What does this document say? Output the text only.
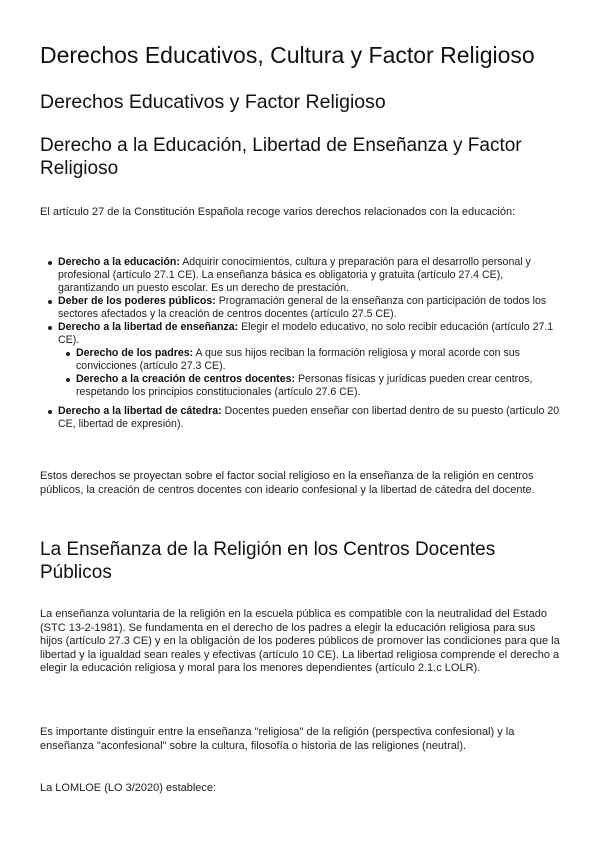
Derechos Educativos, Cultura y Factor Religioso
Derechos Educativos y Factor Religioso
Derecho a la Educación, Libertad de Enseñanza y Factor Religioso

El artículo 27 de la Constitución Española recoge varios derechos relacionados con la educación:

Derecho a la educación: Adquirir conocimientos, cultura y preparación para el desarrollo personal y profesional (artículo 27.1 CE). La enseñanza básica es obligatoria y gratuita (artículo 27.4 CE), garantizando un puesto escolar. Es un derecho de prestación.
Deber de los poderes públicos: Programación general de la enseñanza con participación de todos los sectores afectados y la creación de centros docentes (artículo 27.5 CE).
Derecho a la libertad de enseñanza: Elegir el modelo educativo, no solo recibir educación (artículo 27.1 CE).
Derecho de los padres: A que sus hijos reciban la formación religiosa y moral acorde con sus convicciones (artículo 27.3 CE).
Derecho a la creación de centros docentes: Personas físicas y jurídicas pueden crear centros, respetando los principios constitucionales (artículo 27.6 CE).
Derecho a la libertad de cátedra: Docentes pueden enseñar con libertad dentro de su puesto (artículo 20 CE, libertad de expresión).

Estos derechos se proyectan sobre el factor social religioso en la enseñanza de la religión en centros públicos, la creación de centros docentes con ideario confesional y la libertad de cátedra del docente.

La Enseñanza de la Religión en los Centros Docentes Públicos

La enseñanza voluntaria de la religión en la escuela pública es compatible con la neutralidad del Estado (STC 13-2-1981). Se fundamenta en el derecho de los padres a elegir la educación religiosa para sus hijos (artículo 27.3 CE) y en la obligación de los poderes públicos de promover las condiciones para que la libertad y la igualdad sean reales y efectivas (artículo 10 CE). La libertad religiosa comprende el derecho a elegir la educación religiosa y moral para los menores dependientes (artículo 2.1.c LOLR).

Es importante distinguir entre la enseñanza "religiosa" de la religión (perspectiva confesional) y la enseñanza "aconfesional" sobre la cultura, filosofía o historia de las religiones (neutral).

La LOMLOE (LO 3/2020) establece:
